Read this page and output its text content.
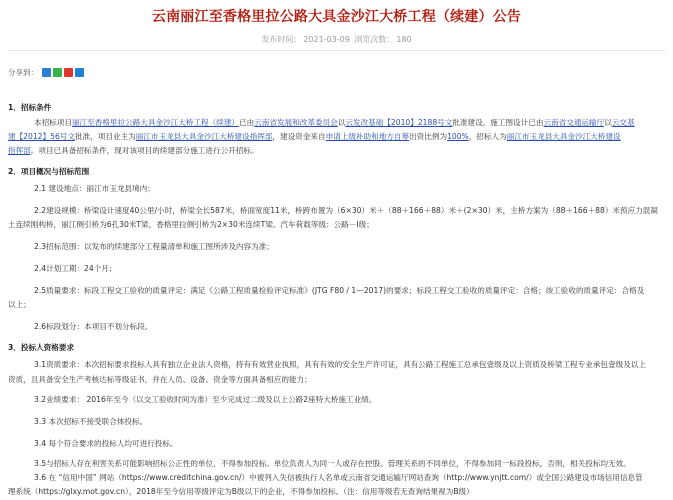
云南丽江至香格里拉公路大具金沙江大桥工程（续建）公告
发布时间： 2021-03-09 浏览次数： 180
分享到：
1．招标条件
本招标项目丽江至香格里拉公路大具金沙江大桥工程（续建）已由云南省发展和改革委员会以云发改基础【2010】2188号文批准建设，施工图设计已由云南省交通运输厅以云交基
建【2012】56号文批准，项目业主为丽江市玉龙县大具金沙江大桥建设指挥部，建设资金来自申请上级补助和地方自筹出资比例为100%，招标人为丽江市玉龙县大具金沙江大桥建设
指挥部。项目已具备招标条件，现对该项目的续建部分施工进行公开招标。
2．项目概况与招标范围
2.1 建设地点：丽江市玉龙县境内；
2.2建设规模：桥梁设计速度40公里/小时，桥梁全长587米，桥面宽度11米，桥跨布置为（6×30）米＋（88＋166＋88）米＋(2×30）米，主桥方案为（88＋166＋88）米预应力混凝
土连续刚构桥，丽江侧引桥为6孔30米T梁，香格里拉侧引桥为2×30米连续T梁。汽车荷载等级：公路－Ⅰ级；
2.3招标范围：以发布的续建部分工程量清单和施工图所涉及内容为准；
2.4计划工期：24个月；
2.5质量要求：标段工程交工验收的质量评定：满足《公路工程质量检验评定标准》(JTG F80 / 1—2017)的要求；标段工程交工验收的质量评定：合格；竣工验收的质量评定：合格及
以上；
2.6标段划分：本项目不划分标段。
3．投标人资格要求
3.1资质要求：本次招标要求投标人具有独立企业法人资格，持有有效营业执照，具有有效的安全生产许可证，具有公路工程施工总承包壹级及以上资质及桥梁工程专业承包壹级及以上
资质，且具备安全生产考核达标等级证书，并在人员、设备、资金等方面具备相应的能力；
3.2业绩要求： 2016年至今（以交工验收时间为准）至少完成过二级及以上公路2座特大桥施工业绩。
3.3 本次招标不接受联合体投标。
3.4 每个符合要求的投标人均可进行投标。
3.5与招标人存在利害关系可能影响招标公正性的单位，不得参加投标。单位负责人为同一人或存在控股、管理关系的不同单位，不得参加同一标段投标，否则，相关投标均无效。
3.6 在 “信用中国” 网站（https://www.creditchina.gov.cn/）中被列入失信被执行人名单或云南省交通运输厅网站查询（http://www.ynjtt.com/）或全国公路建设市场信用信息管
理系统（https://glxy.mot.gov.cn），2018年至今信用等级评定为B级以下的企业，不得参加投标。（注：信用等级若无查询结果视为B级）
